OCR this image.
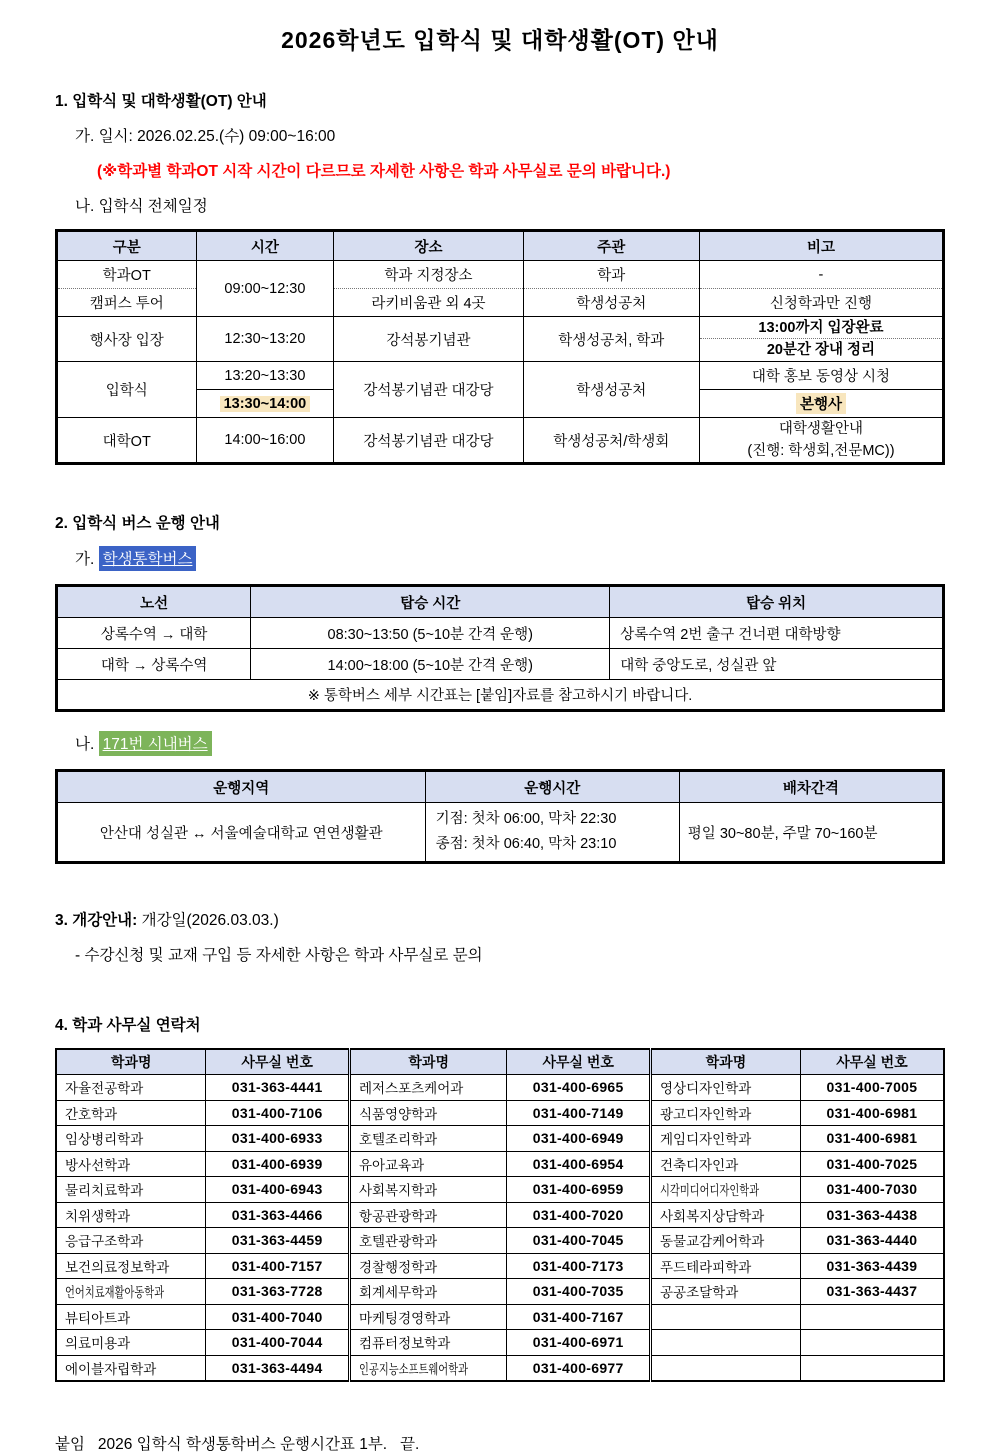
2026학년도 입학식 및 대학생활(OT) 안내
1. 입학식 및 대학생활(OT) 안내
가. 일시: 2026.02.25.(수) 09:00~16:00
(※학과별 학과OT 시작 시간이 다르므로 자세한 사항은 학과 사무실로 문의 바랍니다.)
나. 입학식 전체일정
구분	시간	장소	주관	비고
학과OT	09:00~12:30	학과 지정장소	학과	-
캠퍼스 투어		라키비움관 외 4곳	학생성공처	신청학과만 진행
행사장 입장	12:30~13:20	강석봉기념관	학생성공처, 학과	13:00까지 입장완료
20분간 장내 정리

입학식	13:20~13:30	강석봉기념관 대강당	학생성공처	대학 홍보 동영상 시청
	13:30~14:00			본행사
대학OT	14:00~16:00	강석봉기념관 대강당	학생성공처/학생회	대학생활안내
(진행: 학생회,전문MC))
2. 입학식 버스 운행 안내
가. 학생통학버스
노선	탑승 시간	탑승 위치
상록수역 → 대학	08:30~13:50 (5~10분 간격 운행)	상록수역 2번 출구 건너편 대학방향
대학 → 상록수역	14:00~18:00 (5~10분 간격 운행)	대학 중앙도로, 성실관 앞
※ 통학버스 세부 시간표는 [붙임]자료를 참고하시기 바랍니다.		
나. 171번 시내버스
운행지역	운행시간	배차간격
안산대 성실관 ↔ 서울예술대학교 연연생활관	기점: 첫차 06:00, 막차 22:30
종점: 첫차 06:40, 막차 23:10	평일 30~80분, 주말 70~160분
3. 개강안내: 개강일(2026.03.03.)
- 수강신청 및 교재 구입 등 자세한 사항은 학과 사무실로 문의
4. 학과 사무실 연락처
학과명	사무실 번호	학과명	사무실 번호	학과명	사무실 번호
자율전공학과	031-363-4441	레저스포츠케어과	031-400-6965	영상디자인학과	031-400-7005
간호학과	031-400-7106	식품영양학과	031-400-7149	광고디자인학과	031-400-6981
임상병리학과	031-400-6933	호텔조리학과	031-400-6949	게임디자인학과	031-400-6981
방사선학과	031-400-6939	유아교육과	031-400-6954	건축디자인과	031-400-7025
물리치료학과	031-400-6943	사회복지학과	031-400-6959	시각미디어디자인학과	031-400-7030
치위생학과	031-363-4466	항공관광학과	031-400-7020	사회복지상담학과	031-363-4438
응급구조학과	031-363-4459	호텔관광학과	031-400-7045	동물교감케어학과	031-363-4440
보건의료정보학과	031-400-7157	경찰행정학과	031-400-7173	푸드테라피학과	031-363-4439
언어치료재활아동학과	031-363-7728	회계세무학과	031-400-7035	공공조달학과	031-363-4437
뷰티아트과	031-400-7040	마케팅경영학과	031-400-7167		
의료미용과	031-400-7044	컴퓨터정보학과	031-400-6971		
에이블자립학과	031-363-4494	인공지능소프트웨어학과	031-400-6977		
붙임   2026 입학식 학생통학버스 운행시간표 1부.   끝.
